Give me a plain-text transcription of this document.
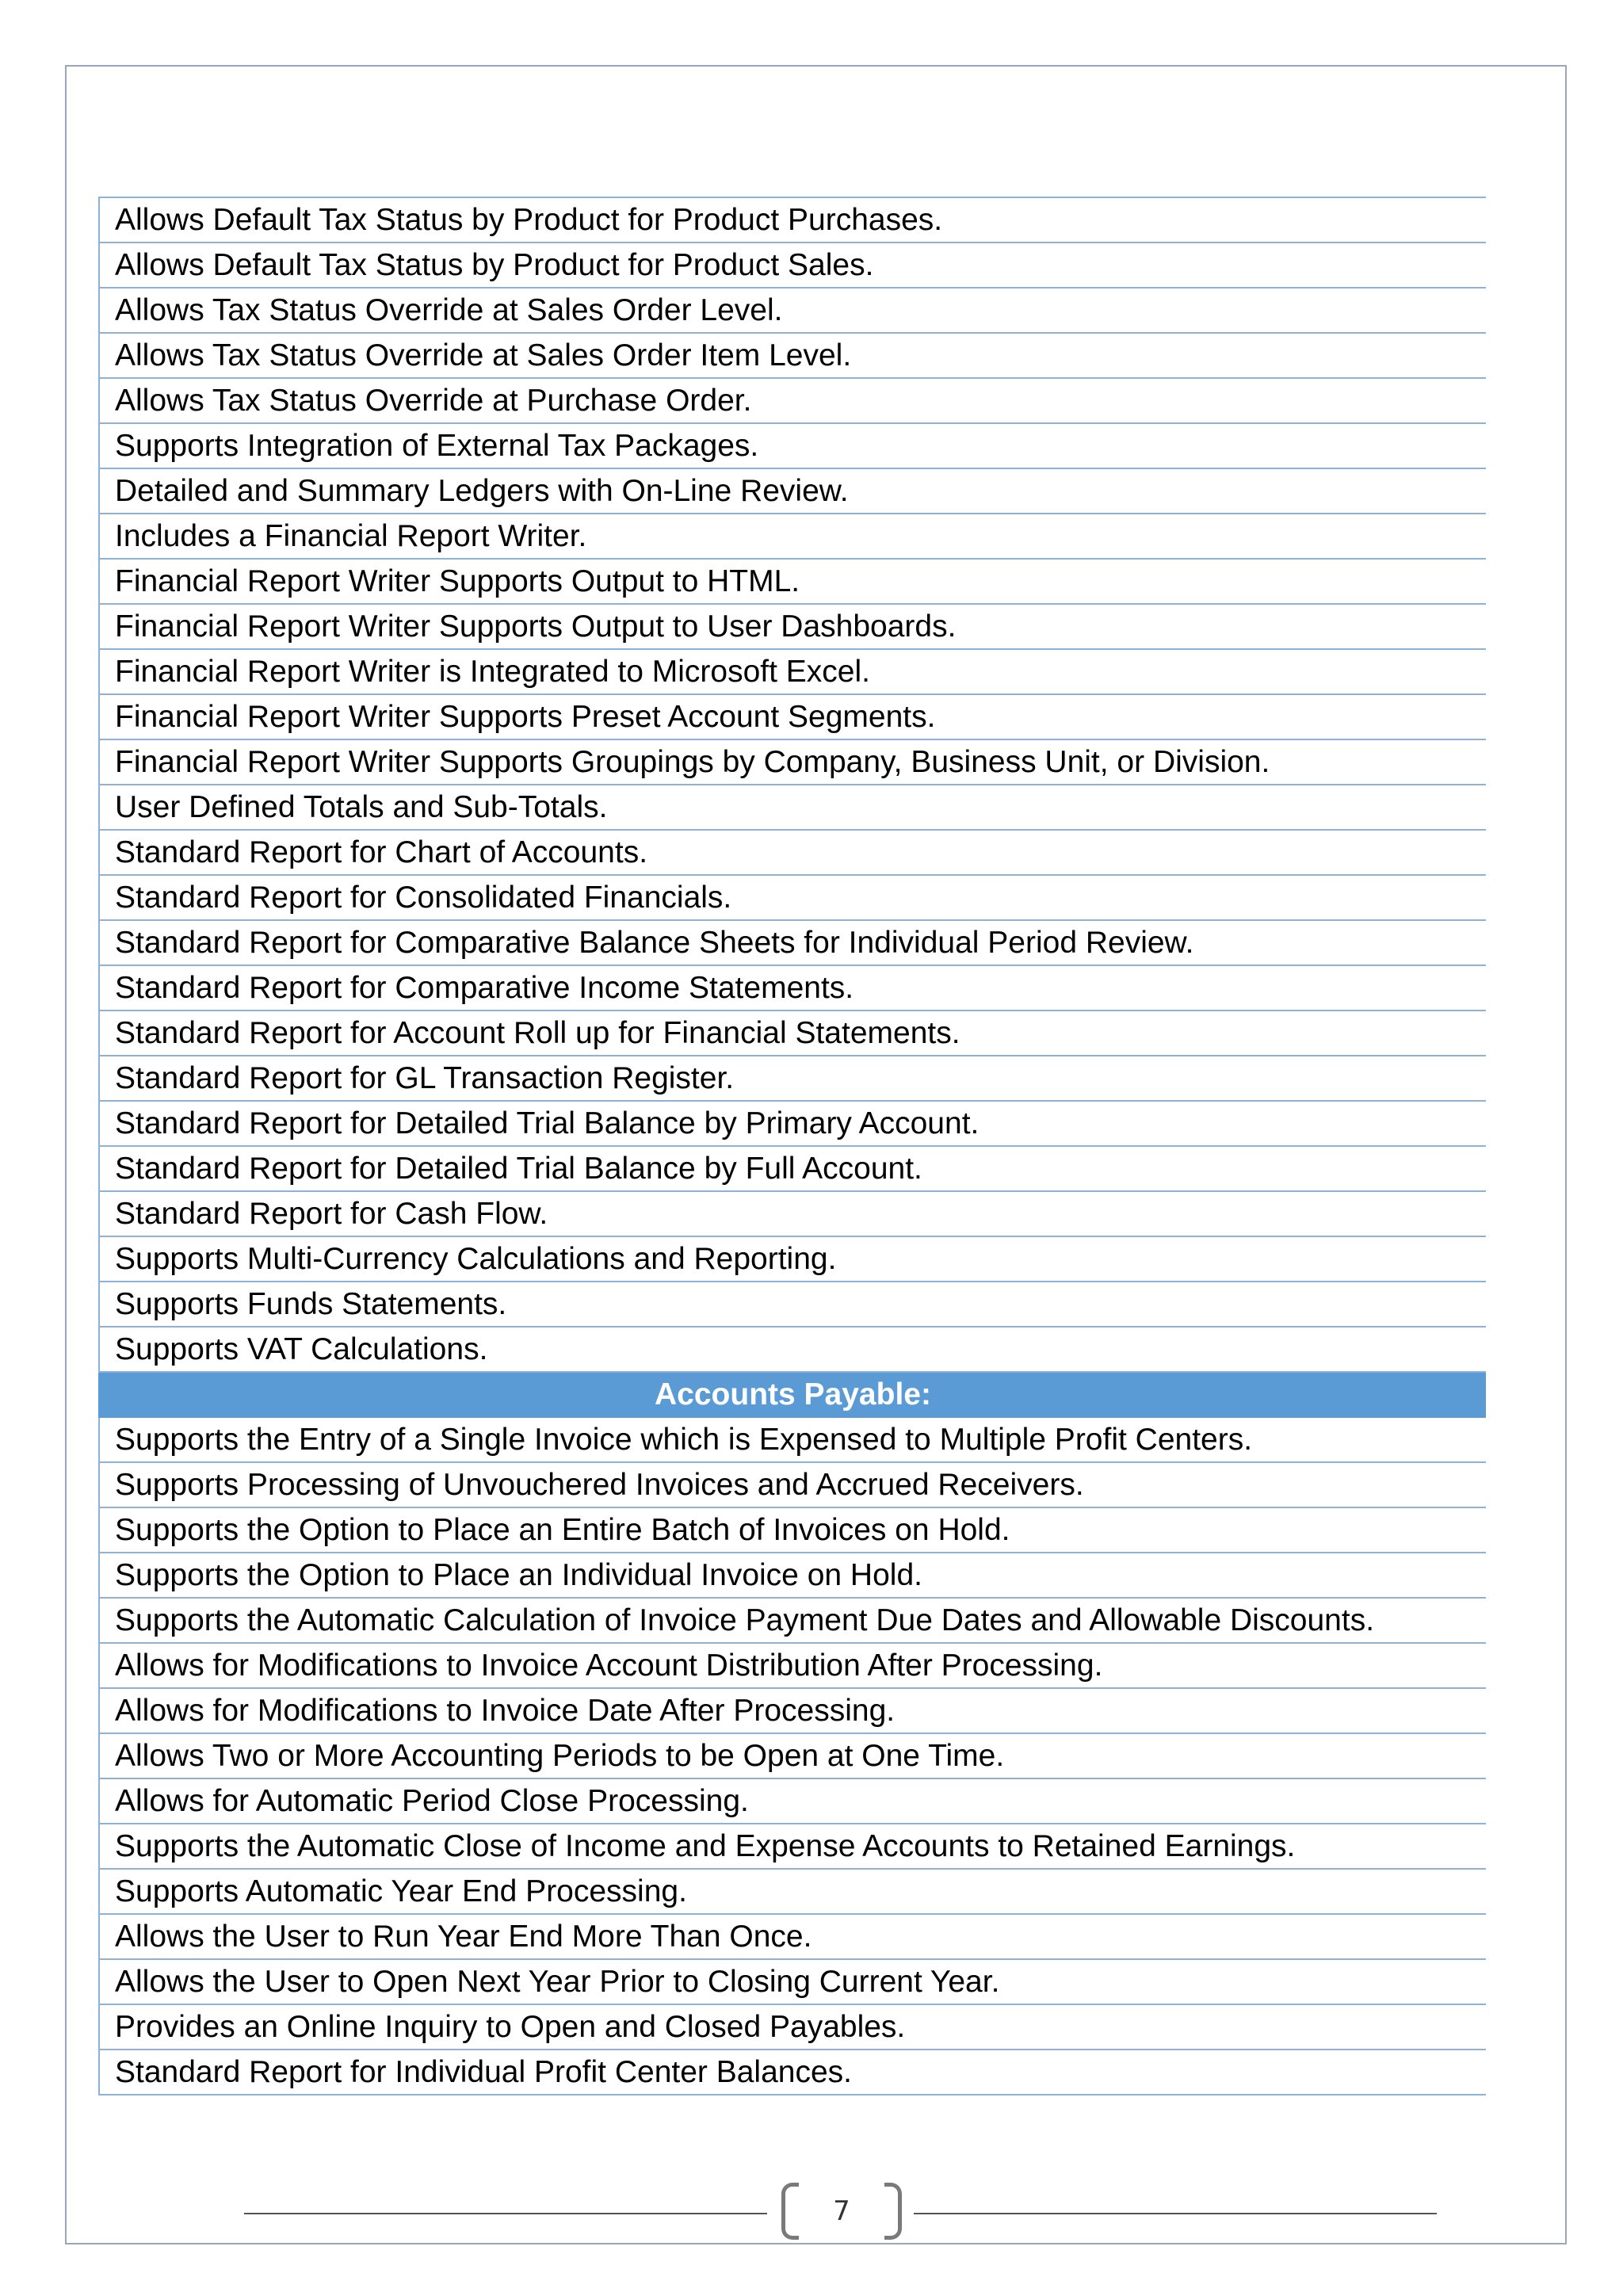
Allows Default Tax Status by Product for Product Purchases.
Allows Default Tax Status by Product for Product Sales.
Allows Tax Status Override at Sales Order Level.
Allows Tax Status Override at Sales Order Item Level.
Allows Tax Status Override at Purchase Order.
Supports Integration of External Tax Packages.
Detailed and Summary Ledgers with On-Line Review.
Includes a Financial Report Writer.
Financial Report Writer Supports Output to HTML.
Financial Report Writer Supports Output to User Dashboards.
Financial Report Writer is Integrated to Microsoft Excel.
Financial Report Writer Supports Preset Account Segments.
Financial Report Writer Supports Groupings by Company, Business Unit, or Division.
User Defined Totals and Sub-Totals.
Standard Report for Chart of Accounts.
Standard Report for Consolidated Financials.
Standard Report for Comparative Balance Sheets for Individual Period Review.
Standard Report for Comparative Income Statements.
Standard Report for Account Roll up for Financial Statements.
Standard Report for GL Transaction Register.
Standard Report for Detailed Trial Balance by Primary Account.
Standard Report for Detailed Trial Balance by Full Account.
Standard Report for Cash Flow.
Supports Multi-Currency Calculations and Reporting.
Supports Funds Statements.
Supports VAT Calculations.
Accounts Payable:
Supports the Entry of a Single Invoice which is Expensed to Multiple Profit Centers.
Supports Processing of Unvouchered Invoices and Accrued Receivers.
Supports the Option to Place an Entire Batch of Invoices on Hold.
Supports the Option to Place an Individual Invoice on Hold.
Supports the Automatic Calculation of Invoice Payment Due Dates and Allowable Discounts.
Allows for Modifications to Invoice Account Distribution After Processing.
Allows for Modifications to Invoice Date After Processing.
Allows Two or More Accounting Periods to be Open at One Time.
Allows for Automatic Period Close Processing.
Supports the Automatic Close of Income and Expense Accounts to Retained Earnings.
Supports Automatic Year End Processing.
Allows the User to Run Year End More Than Once.
Allows the User to Open Next Year Prior to Closing Current Year.
Provides an Online Inquiry to Open and Closed Payables.
Standard Report for Individual Profit Center Balances.
7
